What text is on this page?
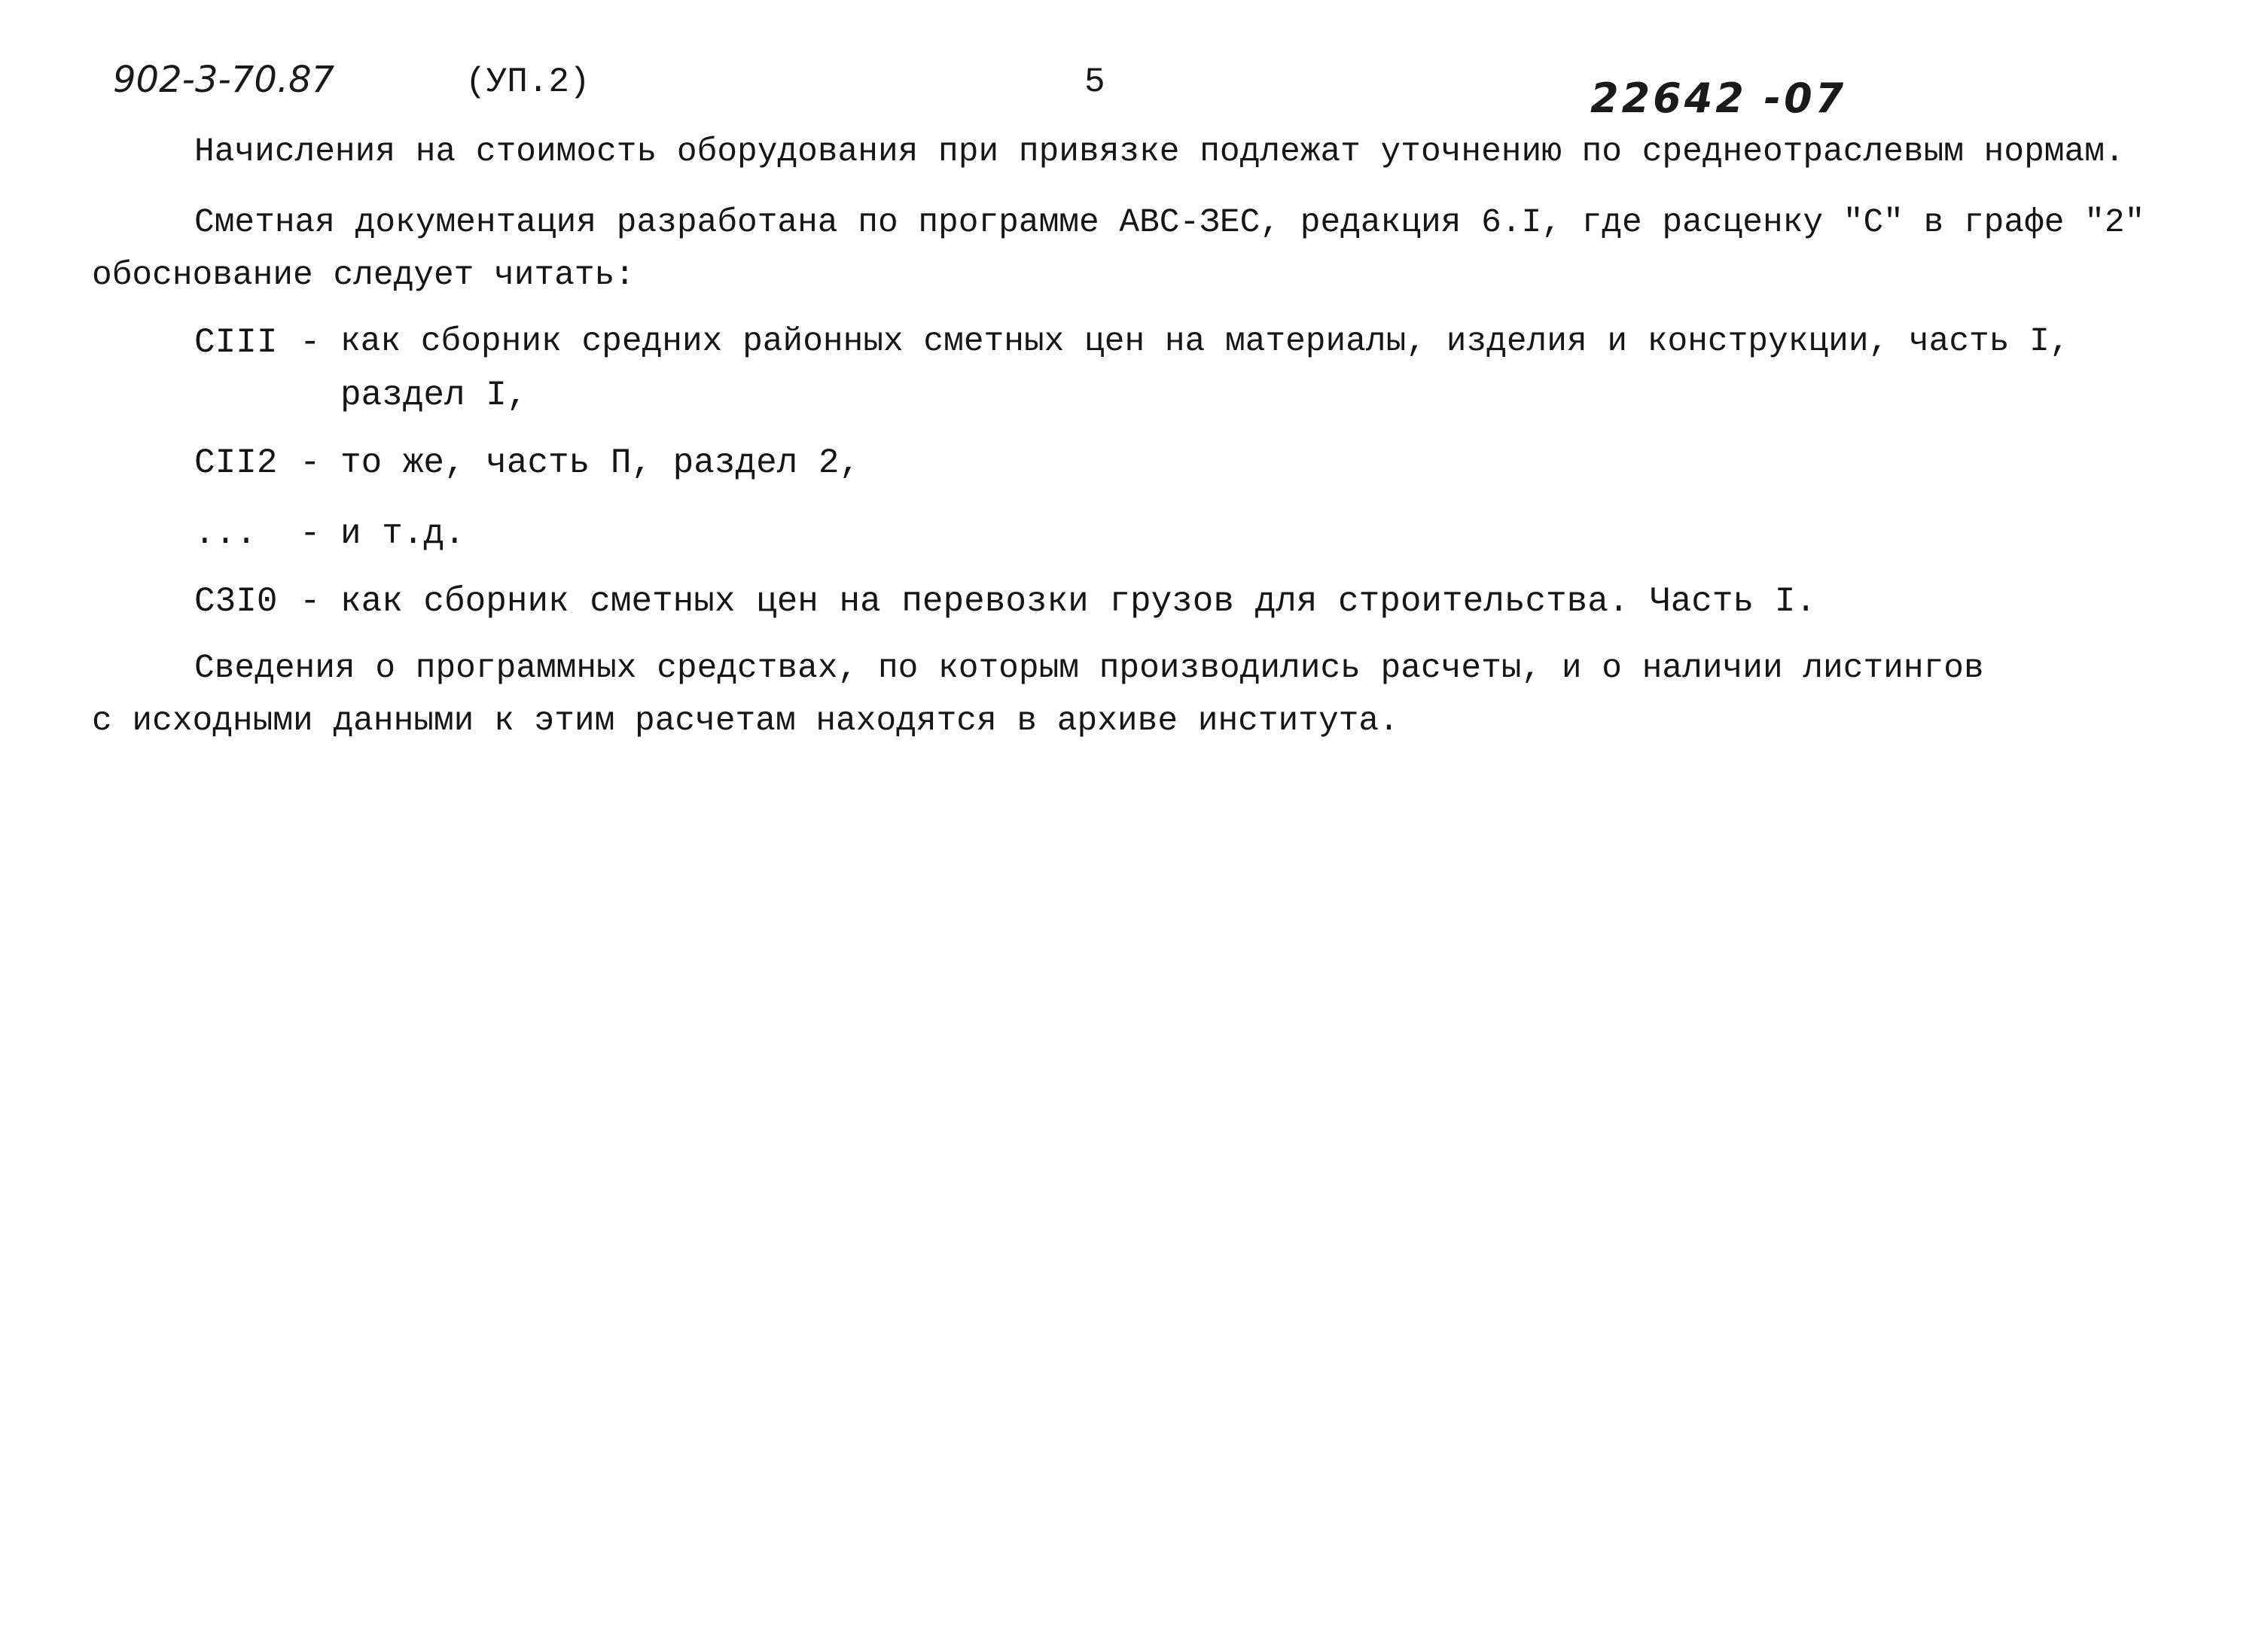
902-3-70.87	(УП.2)	5	22642 -07
Начисления на стоимость оборудования при привязке подлежат уточнению по среднеотраслевым нормам.
Сметная документация разработана по программе АВС-ЗЕС, редакция 6.I, где расценку "С" в графе "2"
обоснование следует читать:
СIII - как сборник средних районных сметных цен на материалы, изделия и конструкции, часть I,
раздел I,
СII2 - то же, часть П, раздел 2,
... - и т.д.
С3I0 - как сборник сметных цен на перевозки грузов для строительства. Часть I.
Сведения о программных средствах, по которым производились расчеты, и о наличии листингов
с исходными данными к этим расчетам находятся в архиве института.
